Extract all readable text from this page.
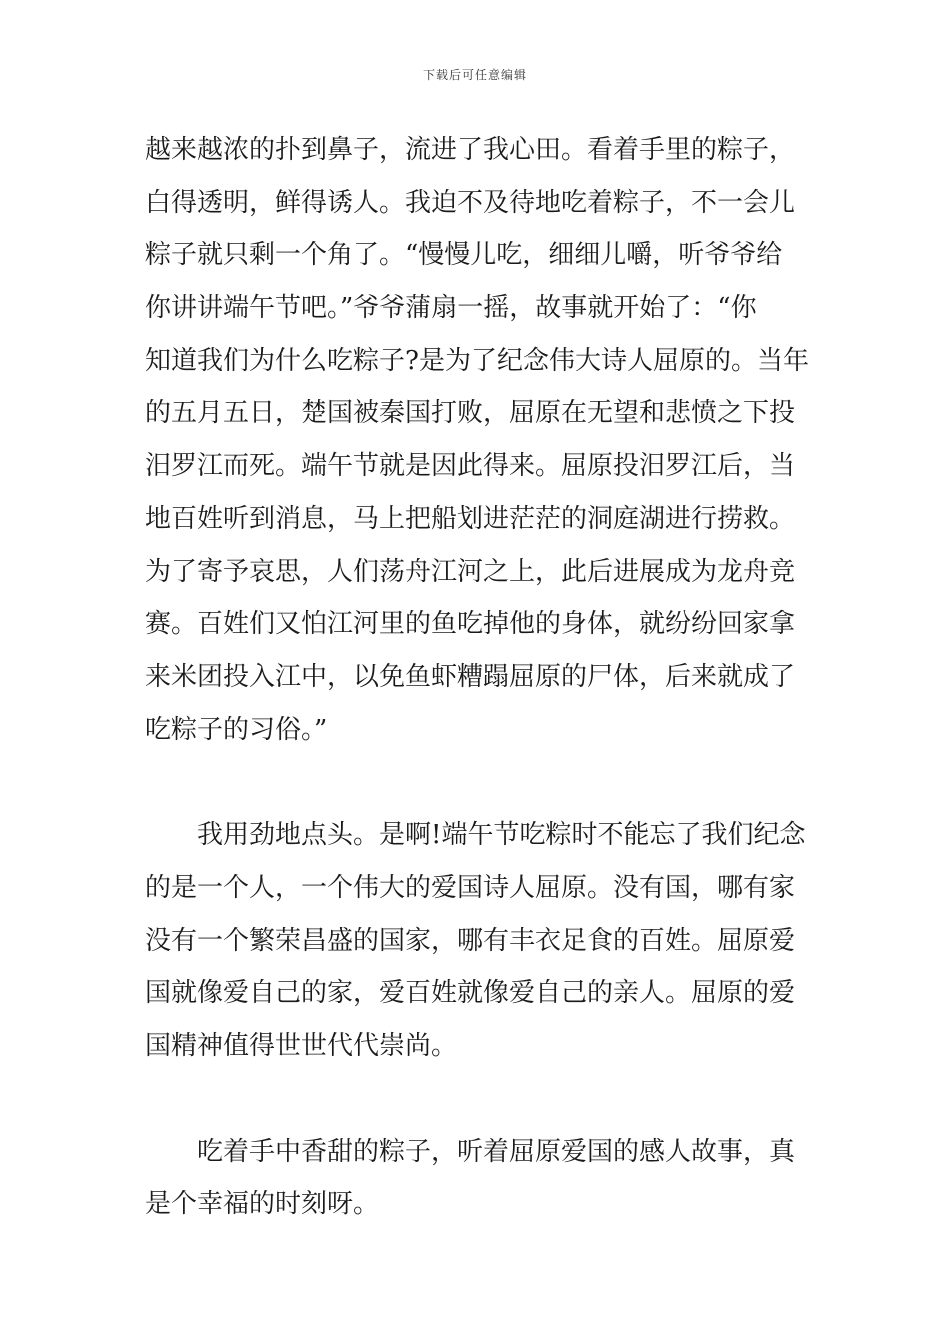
下载后可任意编辑
越来越浓的扑到鼻子，流进了我心田。看着手里的粽子，
白得透明，鲜得诱人。我迫不及待地吃着粽子，不一会儿
粽子就只剩一个角了。“慢慢儿吃，细细儿嚼，听爷爷给
你讲讲端午节吧。”爷爷蒲扇一摇，故事就开始了：“你
知道我们为什么吃粽子?是为了纪念伟大诗人屈原的。当年
的五月五日，楚国被秦国打败，屈原在无望和悲愤之下投
汨罗江而死。端午节就是因此得来。屈原投汨罗江后，当
地百姓听到消息，马上把船划进茫茫的洞庭湖进行捞救。
为了寄予哀思，人们荡舟江河之上，此后进展成为龙舟竞
赛。百姓们又怕江河里的鱼吃掉他的身体，就纷纷回家拿
来米团投入江中，以免鱼虾糟蹋屈原的尸体，后来就成了
吃粽子的习俗。”
我用劲地点头。是啊!端午节吃粽时不能忘了我们纪念
的是一个人，一个伟大的爱国诗人屈原。没有国，哪有家
没有一个繁荣昌盛的国家，哪有丰衣足食的百姓。屈原爱
国就像爱自己的家，爱百姓就像爱自己的亲人。屈原的爱
国精神值得世世代代崇尚。
吃着手中香甜的粽子，听着屈原爱国的感人故事，真
是个幸福的时刻呀。
